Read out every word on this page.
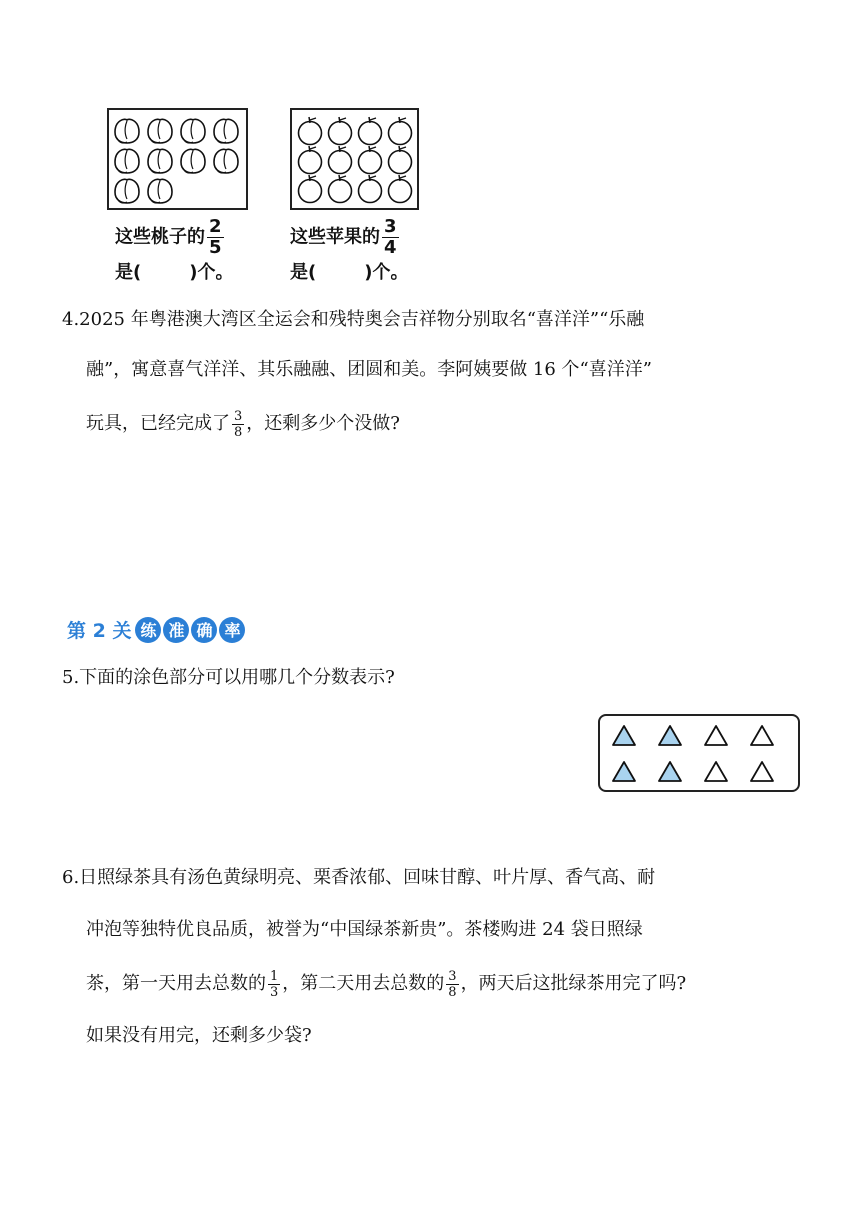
这些桃子的 $\frac{2}{5}$
是(	)个。
这些苹果的 $\frac{3}{4}$
是(	)个。
4.2025 年粤港澳大湾区全运会和残特奥会吉祥物分别取名“喜洋洋”“乐融
融”，寓意喜气洋洋、其乐融融、团圆和美。李阿姨要做 16 个“喜洋洋”
玩具，已经完成了 $\frac{3}{8}$ ，还剩多少个没做?
第 2 关 练 准 确 率
5.下面的涂色部分可以用哪几个分数表示?
6.日照绿茶具有汤色黄绿明亮、栗香浓郁、回味甘醇、叶片厚、香气高、耐
冲泡等独特优良品质，被誉为“中国绿茶新贵”。茶楼购进 24 袋日照绿
茶，第一天用去总数的 $\frac{1}{3}$ ，第二天用去总数的 $\frac{3}{8}$ ，两天后这批绿茶用完了吗?
如果没有用完，还剩多少袋?
